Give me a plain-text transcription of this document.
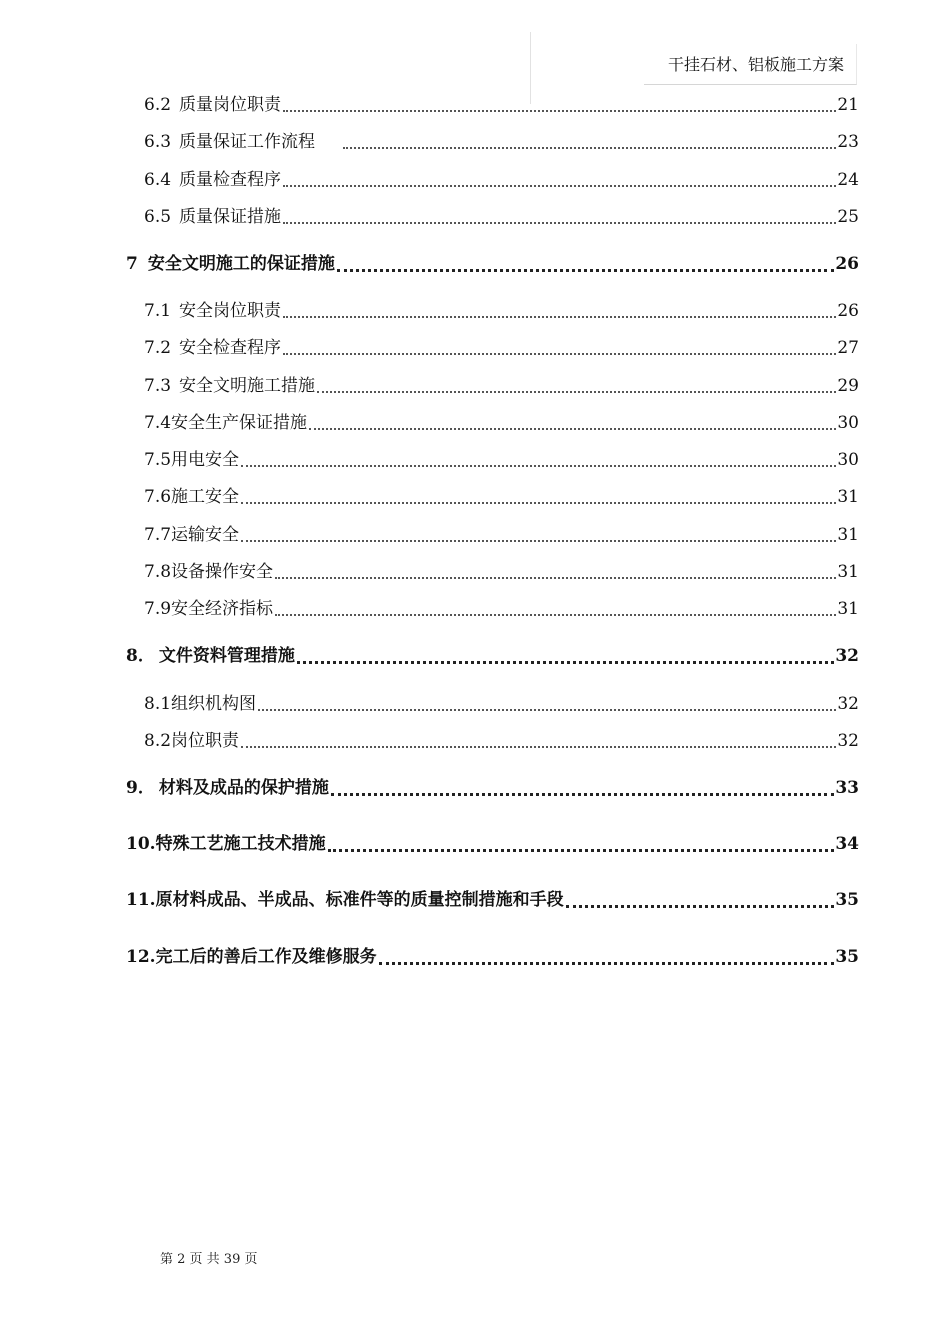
干挂石材、铝板施工方案
6.2 质量岗位职责	21
6.3 质量保证工作流程	23
6.4 质量检查程序	24
6.5 质量保证措施	25
7 安全文明施工的保证措施	26
7.1 安全岗位职责	26
7.2 安全检查程序	27
7.3 安全文明施工措施	29
7.4 安全生产保证措施	30
7.5 用电安全	30
7.6 施工安全	31
7.7 运输安全	31
7.8 设备操作安全	31
7.9 安全经济指标	31
8． 文件资料管理措施	32
8.1 组织机构图	32
8.2 岗位职责	32
9． 材料及成品的保护措施	33
10. 特殊工艺施工技术措施	34
11. 原材料成品、半成品、标准件等的质量控制措施和手段	35
12. 完工后的善后工作及维修服务	35
第 2 页 共 39 页
